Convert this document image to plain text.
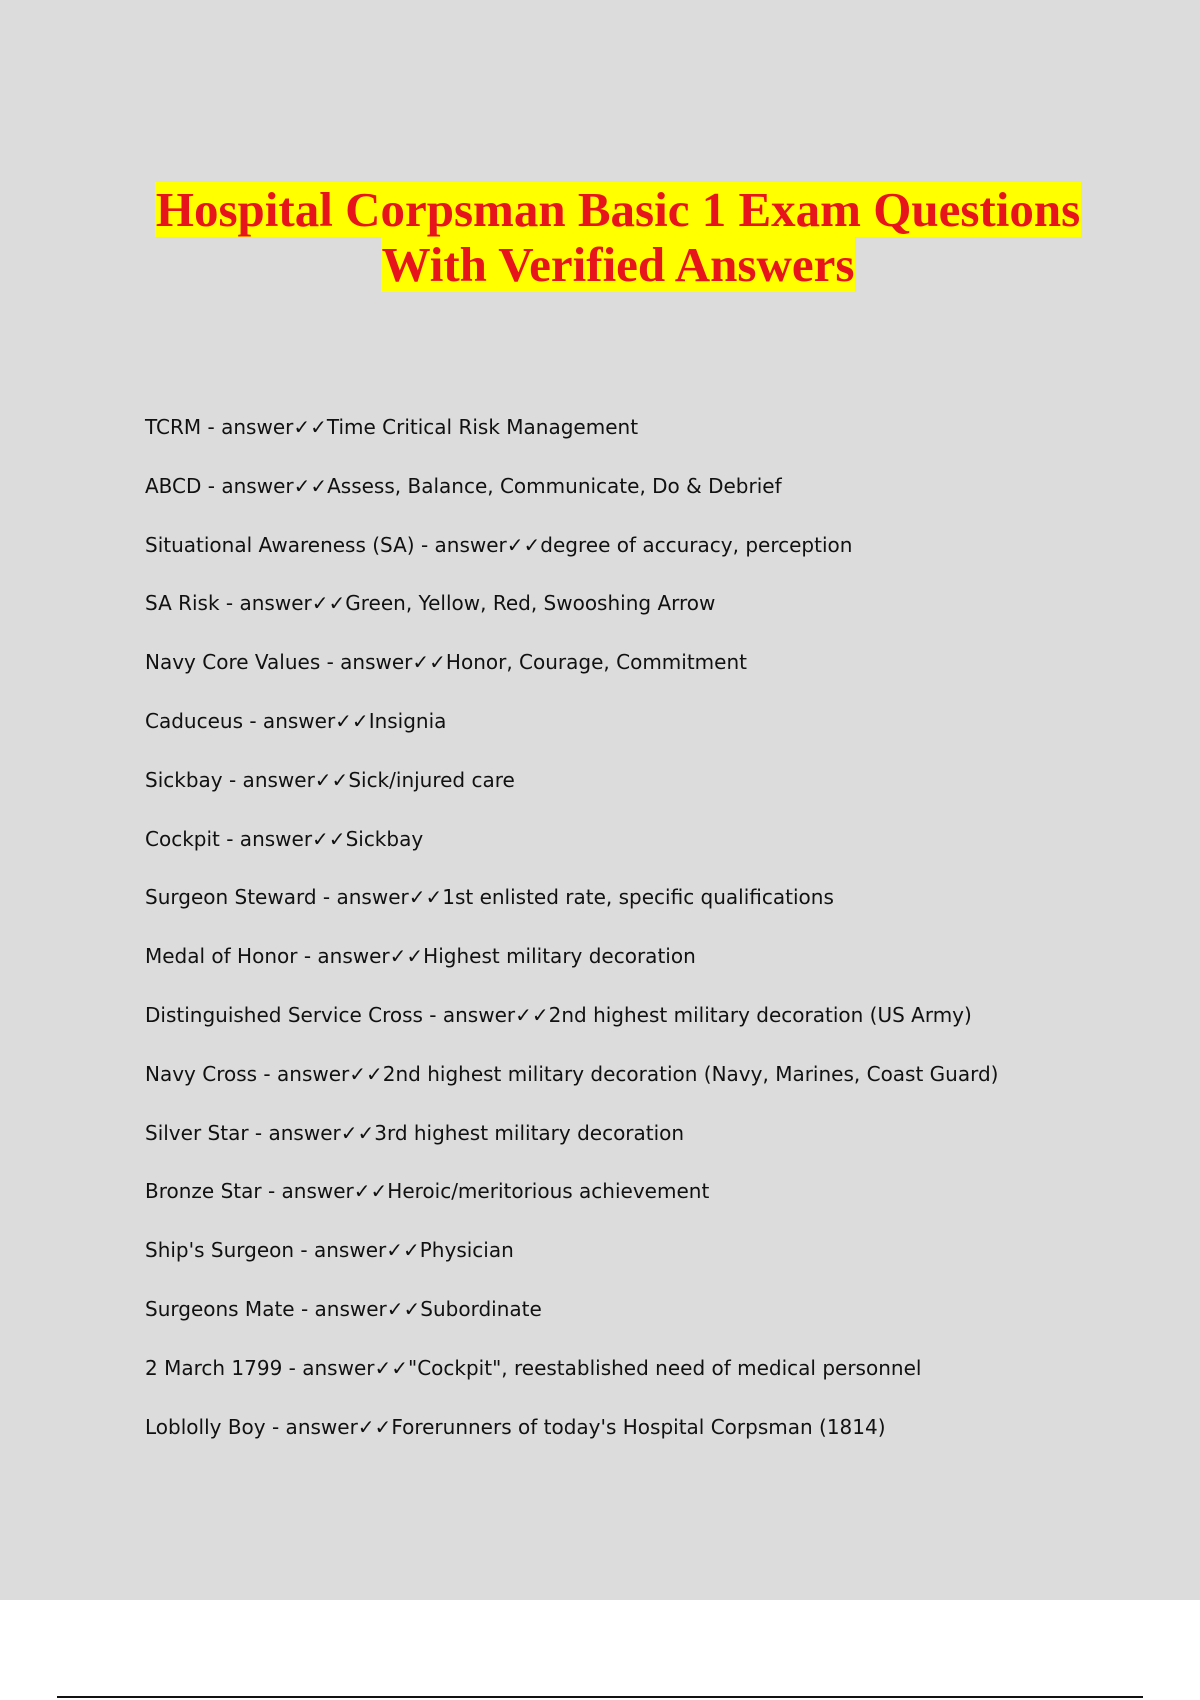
Hospital Corpsman Basic 1 Exam Questions
With Verified Answers
TCRM - answer✓✓Time Critical Risk Management
ABCD - answer✓✓Assess, Balance, Communicate, Do & Debrief
Situational Awareness (SA) - answer✓✓degree of accuracy, perception
SA Risk - answer✓✓Green, Yellow, Red, Swooshing Arrow
Navy Core Values - answer✓✓Honor, Courage, Commitment
Caduceus - answer✓✓Insignia
Sickbay - answer✓✓Sick/injured care
Cockpit - answer✓✓Sickbay
Surgeon Steward - answer✓✓1st enlisted rate, specific qualifications
Medal of Honor - answer✓✓Highest military decoration
Distinguished Service Cross - answer✓✓2nd highest military decoration (US Army)
Navy Cross - answer✓✓2nd highest military decoration (Navy, Marines, Coast Guard)
Silver Star - answer✓✓3rd highest military decoration
Bronze Star - answer✓✓Heroic/meritorious achievement
Ship's Surgeon - answer✓✓Physician
Surgeons Mate - answer✓✓Subordinate
2 March 1799 - answer✓✓"Cockpit", reestablished need of medical personnel
Loblolly Boy - answer✓✓Forerunners of today's Hospital Corpsman (1814)
